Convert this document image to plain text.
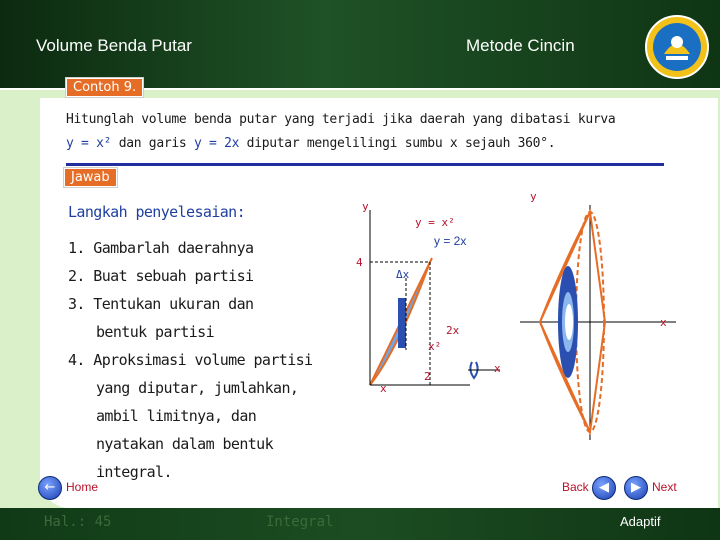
Volume Benda Putar	Metode Cincin
Contoh 9.
Hitunglah volume benda putar yang terjadi jika daerah yang dibatasi kurva
y = x² dan garis y = 2x diputar mengelilingi sumbu x sejauh 360°.
Jawab
Langkah penyelesaian:
1. Gambarlah daerahnya
2. Buat sebuah partisi
3. Tentukan ukuran dan
bentuk partisi
4. Aproksimasi volume partisi
yang diputar, jumlahkan,
ambil limitnya, dan
nyatakan dalam bentuk
integral.
y
y = x²
y = 2x
4
Δx
2x
x²
2
x
x
y
x
← Home	Back ◀	▶ Next
Hal.: 45	Integral	Adaptif
